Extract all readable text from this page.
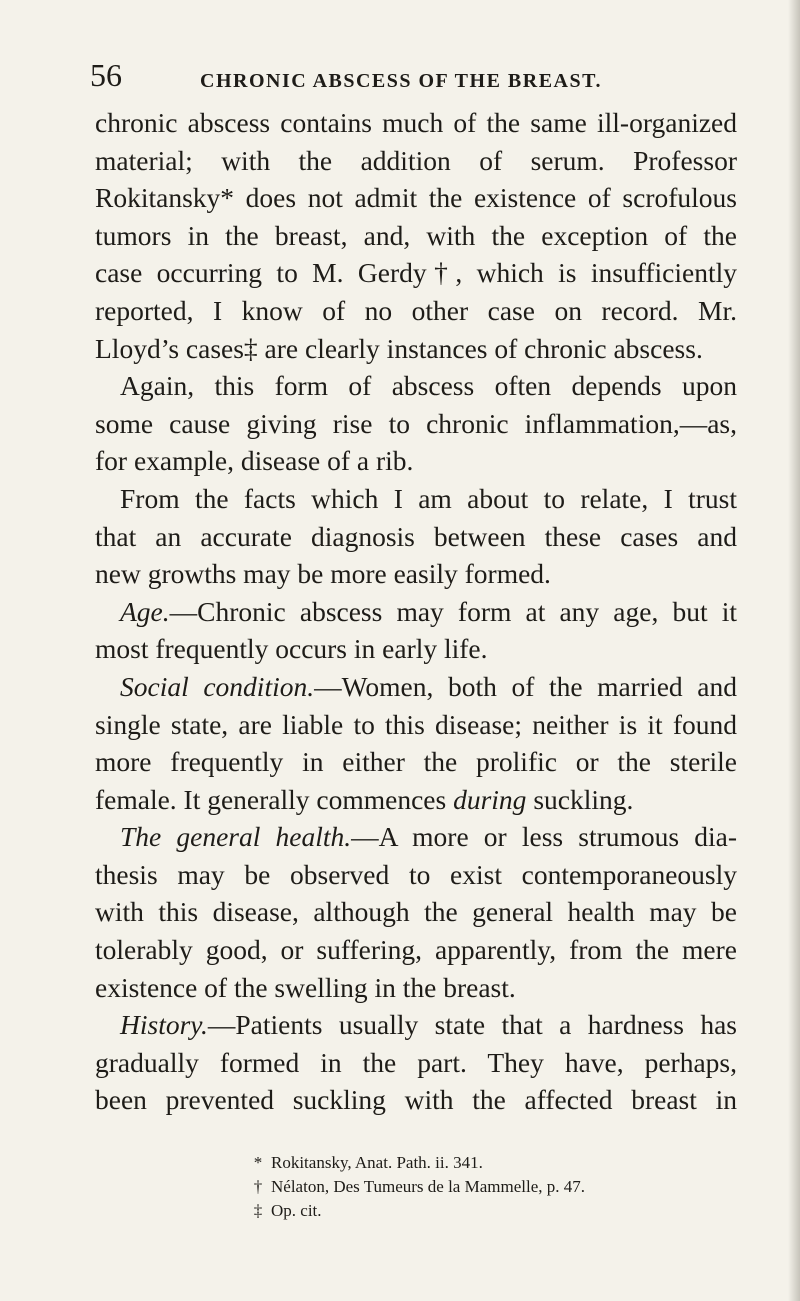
56	CHRONIC ABSCESS OF THE BREAST.
chronic abscess contains much of the same ill-organized
material; with the addition of serum. Professor
Rokitansky* does not admit the existence of scrofulous
tumors in the breast, and, with the exception of the
case occurring to M. Gerdy†, which is insufficiently
reported, I know of no other case on record. Mr.
Lloyd’s cases‡ are clearly instances of chronic abscess.
Again, this form of abscess often depends upon
some cause giving rise to chronic inflammation,—as,
for example, disease of a rib.
From the facts which I am about to relate, I trust
that an accurate diagnosis between these cases and
new growths may be more easily formed.
Age.—Chronic abscess may form at any age, but it
most frequently occurs in early life.
Social condition.—Women, both of the married and
single state, are liable to this disease; neither is it found
more frequently in either the prolific or the sterile
female. It generally commences during suckling.
The general health.—A more or less strumous dia-
thesis may be observed to exist contemporaneously
with this disease, although the general health may be
tolerably good, or suffering, apparently, from the mere
existence of the swelling in the breast.
History.—Patients usually state that a hardness has
gradually formed in the part. They have, perhaps,
been prevented suckling with the affected breast in
* Rokitansky, Anat. Path. ii. 341.
† Nélaton, Des Tumeurs de la Mammelle, p. 47.
‡ Op. cit.
